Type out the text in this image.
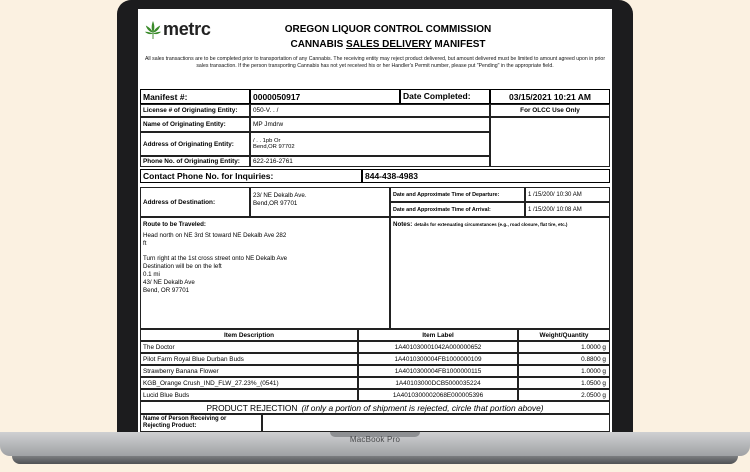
MacBook Pro
metrc	OREGON LIQUOR CONTROL COMMISSION
CANNABIS SALES DELIVERY MANIFEST
All sales transactions are to be completed prior to transportation of any Cannabis. The receiving entity may reject product delivered, but amount delivered must be limited to amount agreed upon in prior sales transaction. If the person transporting Cannabis has not yet received his or her Handler's Permit number, please put "Pending" in the appropriate field.
Manifest #:	0000050917	Date Completed:	03/15/2021 10:21 AM
License # of Originating Entity:	050-V. . /	For OLCC Use Only
Name of Originating Entity:	MP Jmdrw
Address of Originating Entity:	/ . . 1pb Or
Bend,OR 97702
Phone No. of Originating Entity:	622-216-2761
Contact Phone No. for Inquiries:	844-438-4983
Address of Destination:
23/ NE Dekalb Ave.
Bend,OR 97701
Date and Approximate Time of Departure:	1 /15/200/ 10:30 AM
Date and Approximate Time of Arrival:	1 /15/200/ 10:08 AM
Route to be Traveled:
Head north on NE 3rd St toward NE Dekalb Ave 282
ft
Turn right at the 1st cross street onto NE Dekalb Ave
Destination will be on the left
0.1 mi
43/ NE Dekalb Ave
Bend, OR 97701
Notes: details for extenuating circumstances (e.g., road closure, flat tire, etc.)
Item Description	Item Label	Weight/Quantity
The Doctor	1A401030001042A000000652	1.0000 g
Pilot Farm Royal Blue Durban Buds	1A4010300004FB1000000109	0.8800 g
Strawberry Banana Flower	1A4010300004FB1000000115	1.0000 g
KGB_Orange Crush_IND_FLW_27.23%_(0541)	1A40103000DCB5000035224	1.0500 g
Lucid Blue Buds	1A4010300002068E000005396	2.0500 g
PRODUCT REJECTION (if only a portion of shipment is rejected, circle that portion above)
Name of Person Receiving or
Rejecting Product:
